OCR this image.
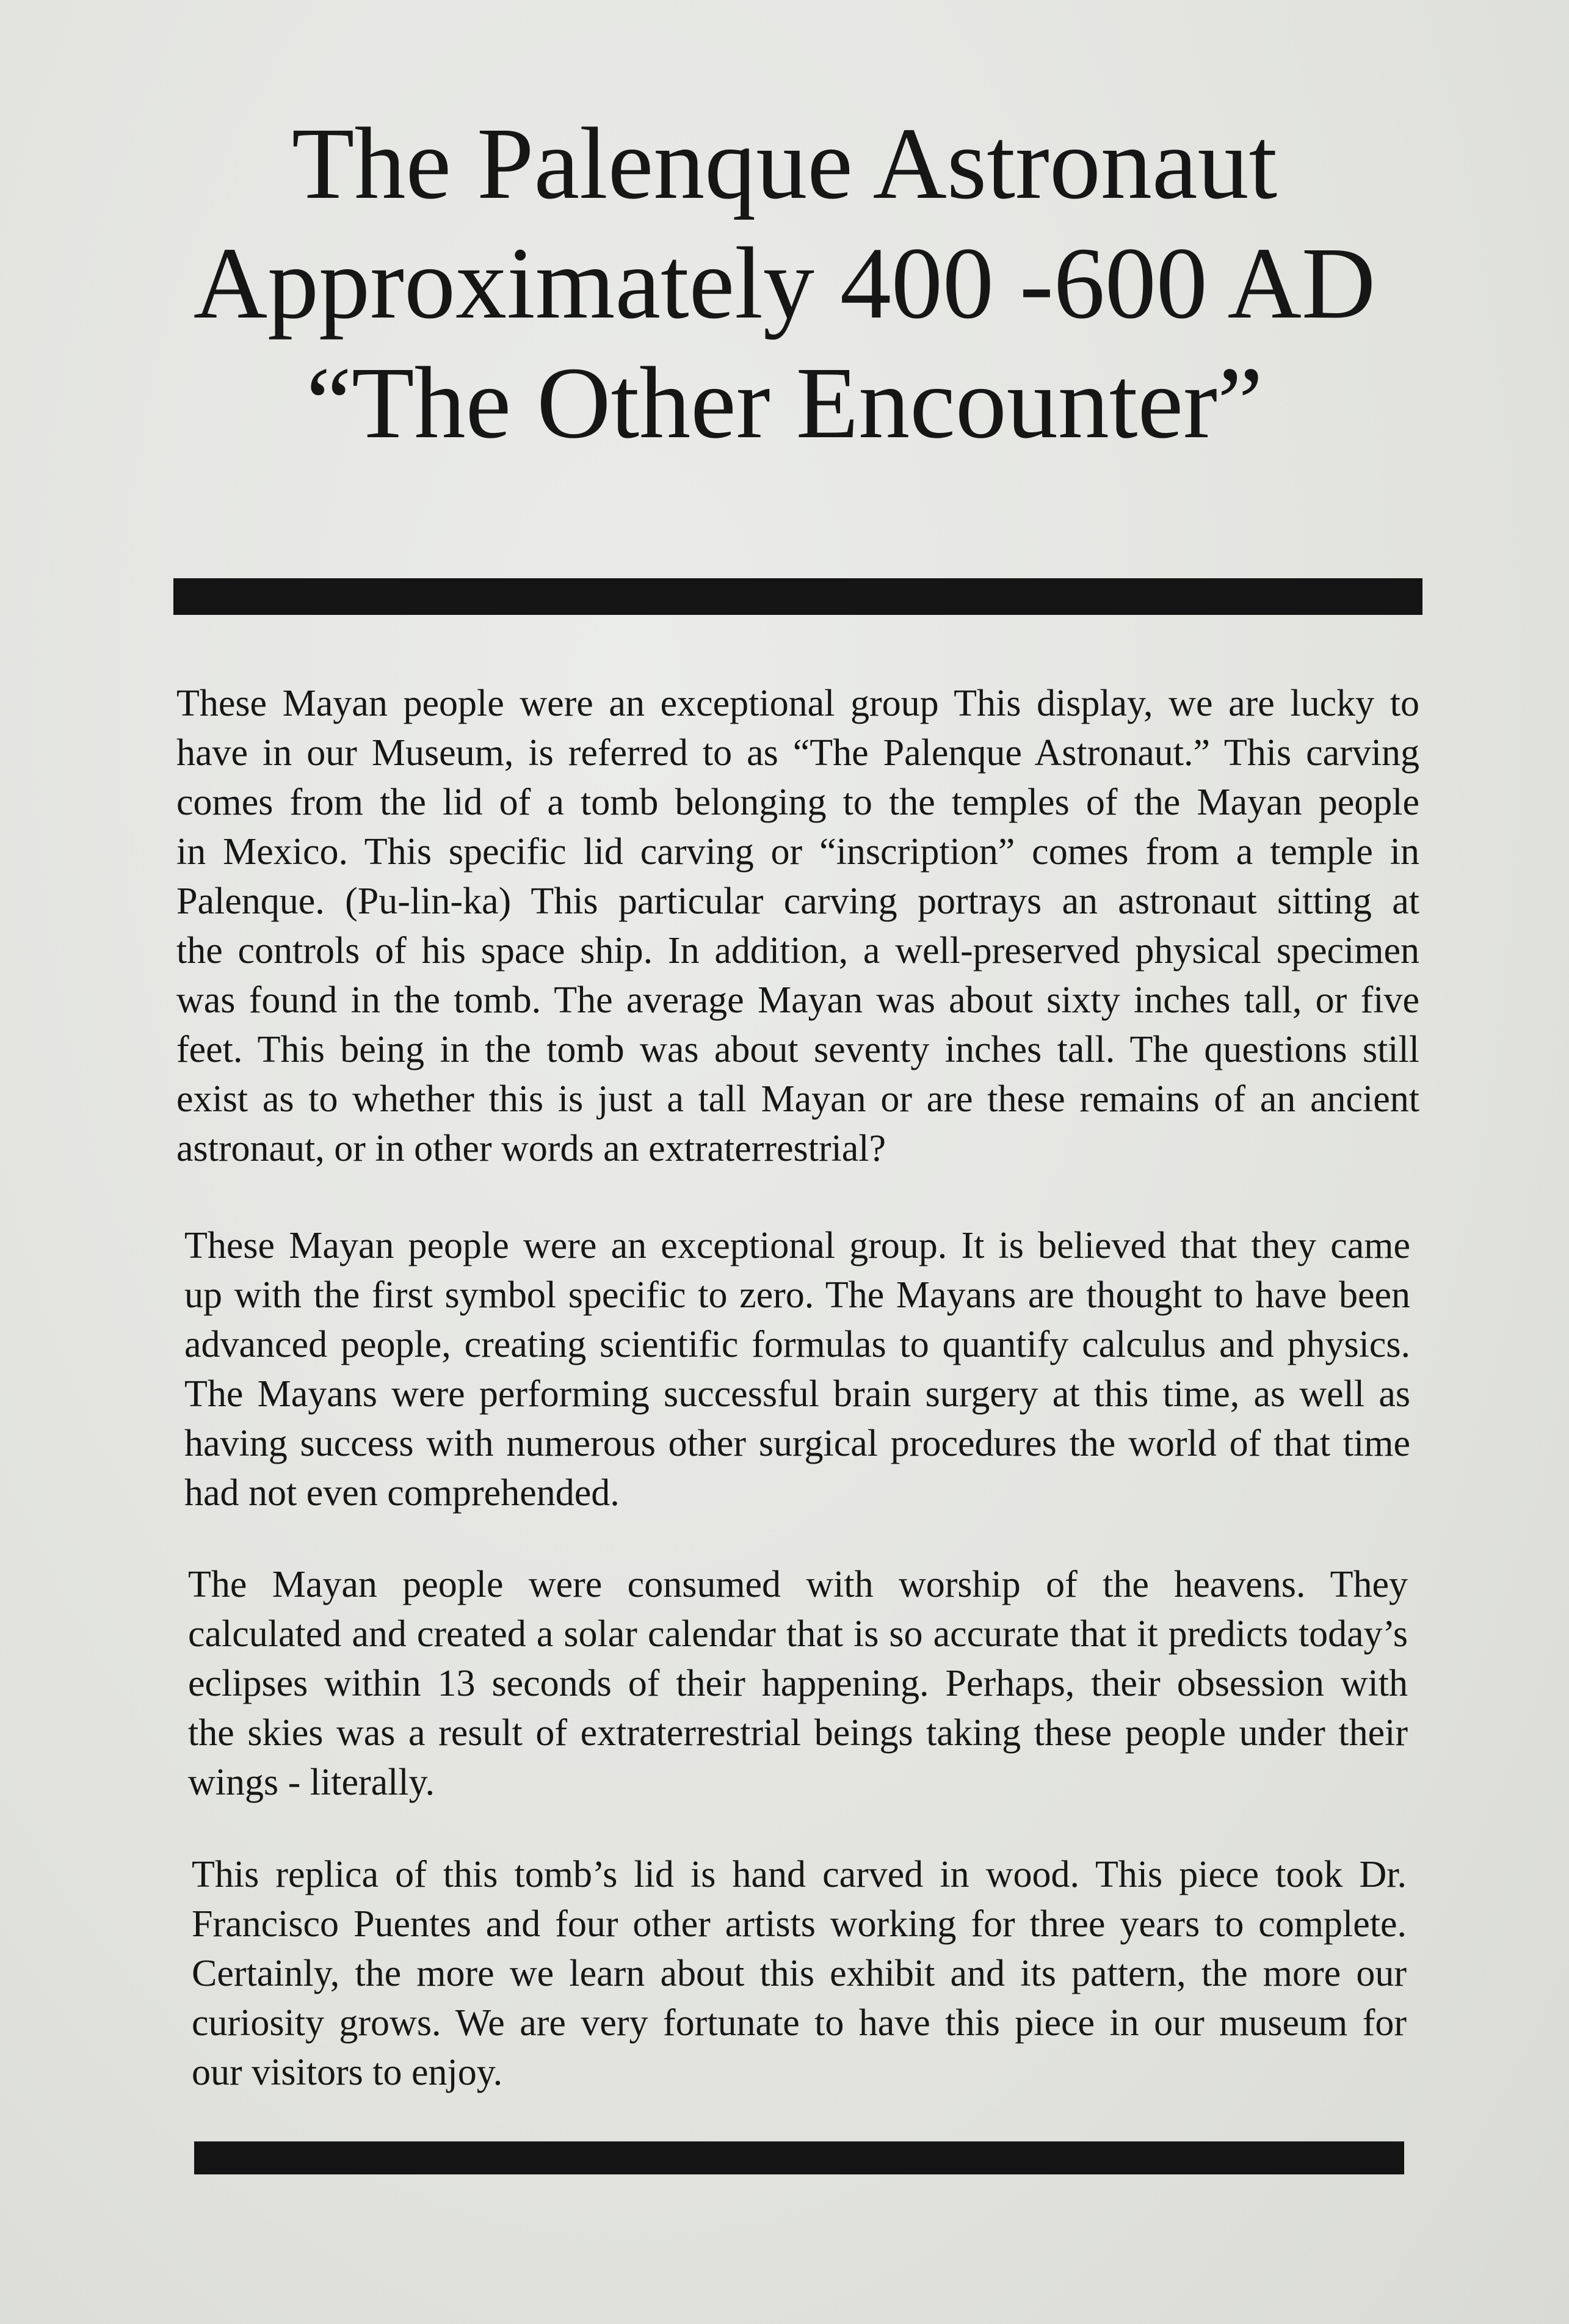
The Palenque Astronaut
Approximately 400 -600 AD
“The Other Encounter”
These Mayan people were an exceptional group This display, we are lucky to
have in our Museum, is referred to as “The Palenque Astronaut.” This carving
comes from the lid of a tomb belonging to the temples of the Mayan people
in Mexico. This specific lid carving or “inscription” comes from a temple in
Palenque. (Pu-lin-ka) This particular carving portrays an astronaut sitting at
the controls of his space ship. In addition, a well-preserved physical specimen
was found in the tomb. The average Mayan was about sixty inches tall, or five
feet. This being in the tomb was about seventy inches tall. The questions still
exist as to whether this is just a tall Mayan or are these remains of an ancient
astronaut, or in other words an extraterrestrial?
These Mayan people were an exceptional group. It is believed that they came
up with the first symbol specific to zero. The Mayans are thought to have been
advanced people, creating scientific formulas to quantify calculus and physics.
The Mayans were performing successful brain surgery at this time, as well as
having success with numerous other surgical procedures the world of that time
had not even comprehended.
The Mayan people were consumed with worship of the heavens. They
calculated and created a solar calendar that is so accurate that it predicts today’s
eclipses within 13 seconds of their happening. Perhaps, their obsession with
the skies was a result of extraterrestrial beings taking these people under their
wings - literally.
This replica of this tomb’s lid is hand carved in wood. This piece took Dr.
Francisco Puentes and four other artists working for three years to complete.
Certainly, the more we learn about this exhibit and its pattern, the more our
curiosity grows. We are very fortunate to have this piece in our museum for
our visitors to enjoy.
